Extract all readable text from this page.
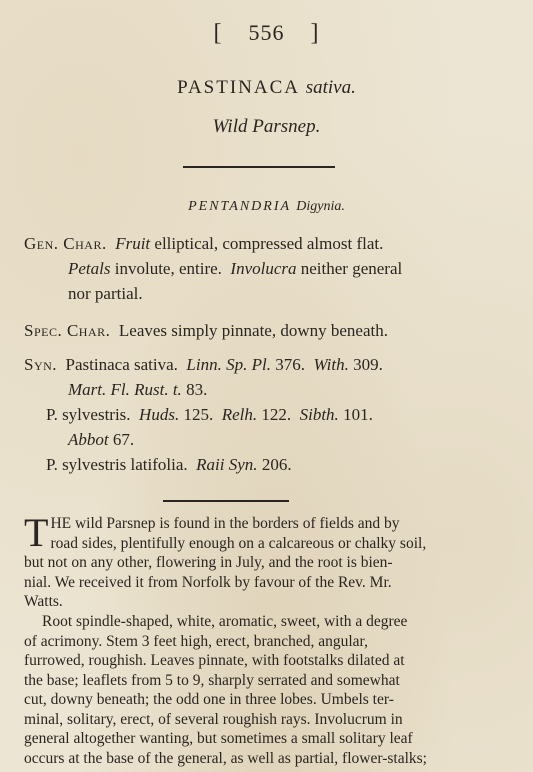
[ 556 ]
PASTINACA sativa.
Wild Parsnep.
PENTANDRIA Digynia.
Gen. Char. Fruit elliptical, compressed almost flat.
Petals involute, entire. Involucra neither general
nor partial.
Spec. Char. Leaves simply pinnate, downy beneath.
Syn. Pastinaca sativa. Linn. Sp. Pl. 376. With. 309.
Mart. Fl. Rust. t. 83.
P. sylvestris. Huds. 125. Relh. 122. Sibth. 101.
Abbot 67.
P. sylvestris latifolia. Raii Syn. 206.
T HE wild Parsnep is found in the borders of fields and by
road sides, plentifully enough on a calcareous or chalky soil,
but not on any other, flowering in July, and the root is bien-
nial. We received it from Norfolk by favour of the Rev. Mr.
Watts.
Root spindle-shaped, white, aromatic, sweet, with a degree
of acrimony. Stem 3 feet high, erect, branched, angular,
furrowed, roughish. Leaves pinnate, with footstalks dilated at
the base; leaflets from 5 to 9, sharply serrated and somewhat
cut, downy beneath; the odd one in three lobes. Umbels ter-
minal, solitary, erect, of several roughish rays. Involucrum in
general altogether wanting, but sometimes a small solitary leaf
occurs at the base of the general, as well as partial, flower-stalks;
